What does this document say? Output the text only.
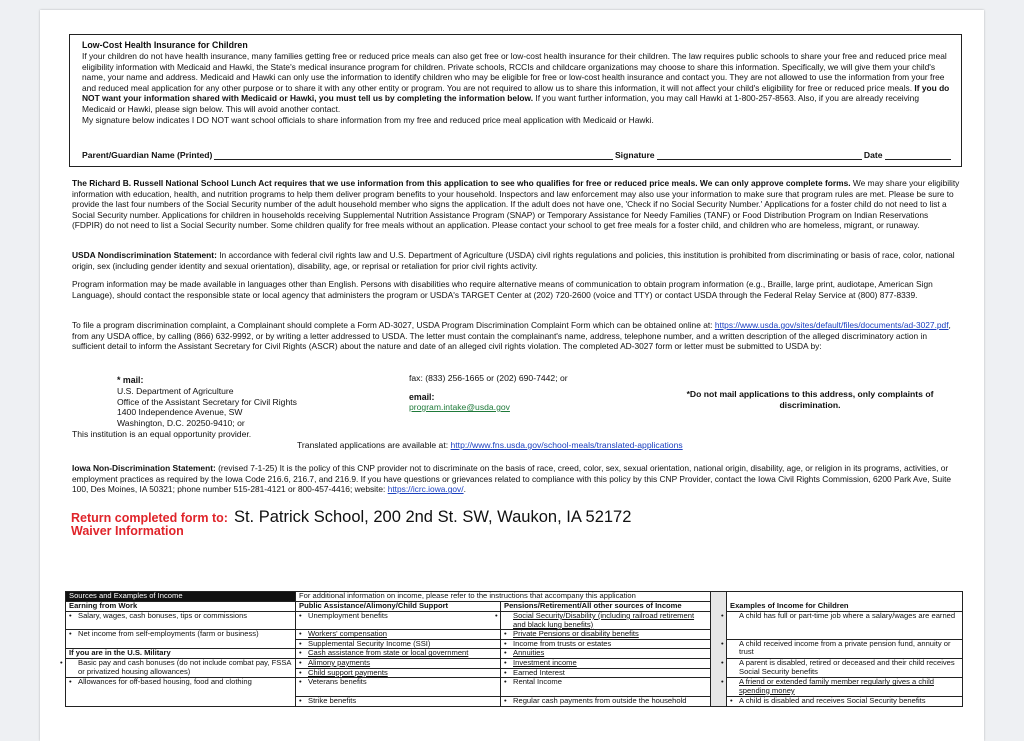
Low-Cost Health Insurance for Children

If your children do not have health insurance, many families getting free or reduced price meals can also get free or low-cost health insurance for their children. The law requires public schools to share your free and reduced price meal eligibility information with Medicaid and Hawki, the State's medical insurance program for children. Private schools, RCCIs and childcare organizations may choose to share this information. Specifically, we will give them your child's name, your name and address. Medicaid and Hawki can only use the information to identify children who may be eligible for free or low-cost health insurance and contact you. They are not allowed to use the information from your free and reduced meal application for any other purpose or to share it with any other entity or program. You are not required to allow us to share this information, it will not affect your child's eligibility for free or reduced price meals. If you do NOT want your information shared with Medicaid or Hawki, you must tell us by completing the information below. If you want further information, you may call Hawki at 1-800-257-8563. Also, if you are already receiving Medicaid or Hawki, please sign below. This will avoid another contact.

My signature below indicates I DO NOT want school officials to share information from my free and reduced price meal application with Medicaid or Hawki.

Parent/Guardian Name (Printed)	Signature	Date

The Richard B. Russell National School Lunch Act requires that we use information from this application to see who qualifies for free or reduced price meals. We can only approve complete forms. We may share your eligibility information with education, health, and nutrition programs to help them deliver program benefits to your household. Inspectors and law enforcement may also use your information to make sure that program rules are met. Please be sure to provide the last four numbers of the Social Security number of the adult household member who signs the application. If the adult does not have one, 'Check if no Social Security Number.' Applications for a foster child do not need to list a Social Security number. Applications for children in households receiving Supplemental Nutrition Assistance Program (SNAP) or Temporary Assistance for Needy Families (TANF) or Food Distribution Program on Indian Reservations (FDPIR) do not need to list a Social Security number. Some children qualify for free meals without an application. Please contact your school to get free meals for a foster child, and children who are homeless, migrant, or runaway.

USDA Nondiscrimination Statement: In accordance with federal civil rights law and U.S. Department of Agriculture (USDA) civil rights regulations and policies, this institution is prohibited from discriminating or basis of race, color, national origin, sex (including gender identity and sexual orientation), disability, age, or reprisal or retaliation for prior civil rights activity.

Program information may be made available in languages other than English. Persons with disabilities who require alternative means of communication to obtain program information (e.g., Braille, large print, audiotape, American Sign Language), should contact the responsible state or local agency that administers the program or USDA's TARGET Center at (202) 720-2600 (voice and TTY) or contact USDA through the Federal Relay Service at (800) 877-8339.

To file a program discrimination complaint, a Complainant should complete a Form AD-3027, USDA Program Discrimination Complaint Form which can be obtained online at: https://www.usda.gov/sites/default/files/documents/ad-3027.pdf, from any USDA office, by calling (866) 632-9992, or by writing a letter addressed to USDA. The letter must contain the complainant's name, address, telephone number, and a written description of the alleged discriminatory action in sufficient detail to inform the Assistant Secretary for Civil Rights (ASCR) about the nature and date of an alleged civil rights violation. The completed AD-3027 form or letter must be submitted to USDA by:

* mail:
U.S. Department of Agriculture
Office of the Assistant Secretary for Civil Rights
1400 Independence Avenue, SW
Washington, D.C. 20250-9410; or
This institution is an equal opportunity provider.
fax: (833) 256-1665 or (202) 690-7442; or
email:
program.intake@usda.gov
*Do not mail applications to this address, only complaints of discrimination.
Translated applications are available at: http://www.fns.usda.gov/school-meals/translated-applications

Iowa Non-Discrimination Statement: (revised 7-1-25) It is the policy of this CNP provider not to discriminate on the basis of race, creed, color, sex, sexual orientation, national origin, disability, age, or religion in its programs, activities, or employment practices as required by the Iowa Code 216.6, 216.7, and 216.9. If you have questions or grievances related to compliance with this policy by this CNP Provider, contact the Iowa Civil Rights Commission, 6200 Park Ave, Suite 100, Des Moines, IA 50321; phone number 515-281-4121 or 800-457-4416; website: https://icrc.iowa.gov/.

Return completed form to: St. Patrick School, 200 2nd St. SW, Waukon, IA 52172
Waiver Information
Sources and Examples of Income	For additional information on income, please refer to the instructions that accompany this application			
Earning from Work	Public Assistance/Alimony/Child Support	Pensions/Retirement/All other sources of Income		Examples of Income for Children
• Salary, wages, cash bonuses, tips or commissions	• Unemployment benefits	• Social Security/Disability (including railroad retirement and black lung benefits)		• A child has full or part-time job where a salary/wages are earned

• Net income from self-employments (farm or business)	• Workers' compensation	• Private Pensions or disability benefits		
	• Supplemental Security Income (SSI)	• Income from trusts or estates		• A child received income from a private pension fund, annuity or trust
If you are in the U.S. Military	• Cash assistance from state or local government	• Annuities		
• Basic pay and cash bonuses (do not include combat pay, FSSA or privatized housing allowances)	• Alimony payments	• Investment income		• A parent is disabled, retired or deceased and their child receives Social Security benefits
	• Child support payments	• Earned Interest		
• Allowances for off-based housing, food and clothing	• Veterans benefits	• Rental Income		• A friend or extended family member regularly gives a child spending money
	• Strike benefits	• Regular cash payments from outside the household		• A child is disabled and receives Social Security benefits
